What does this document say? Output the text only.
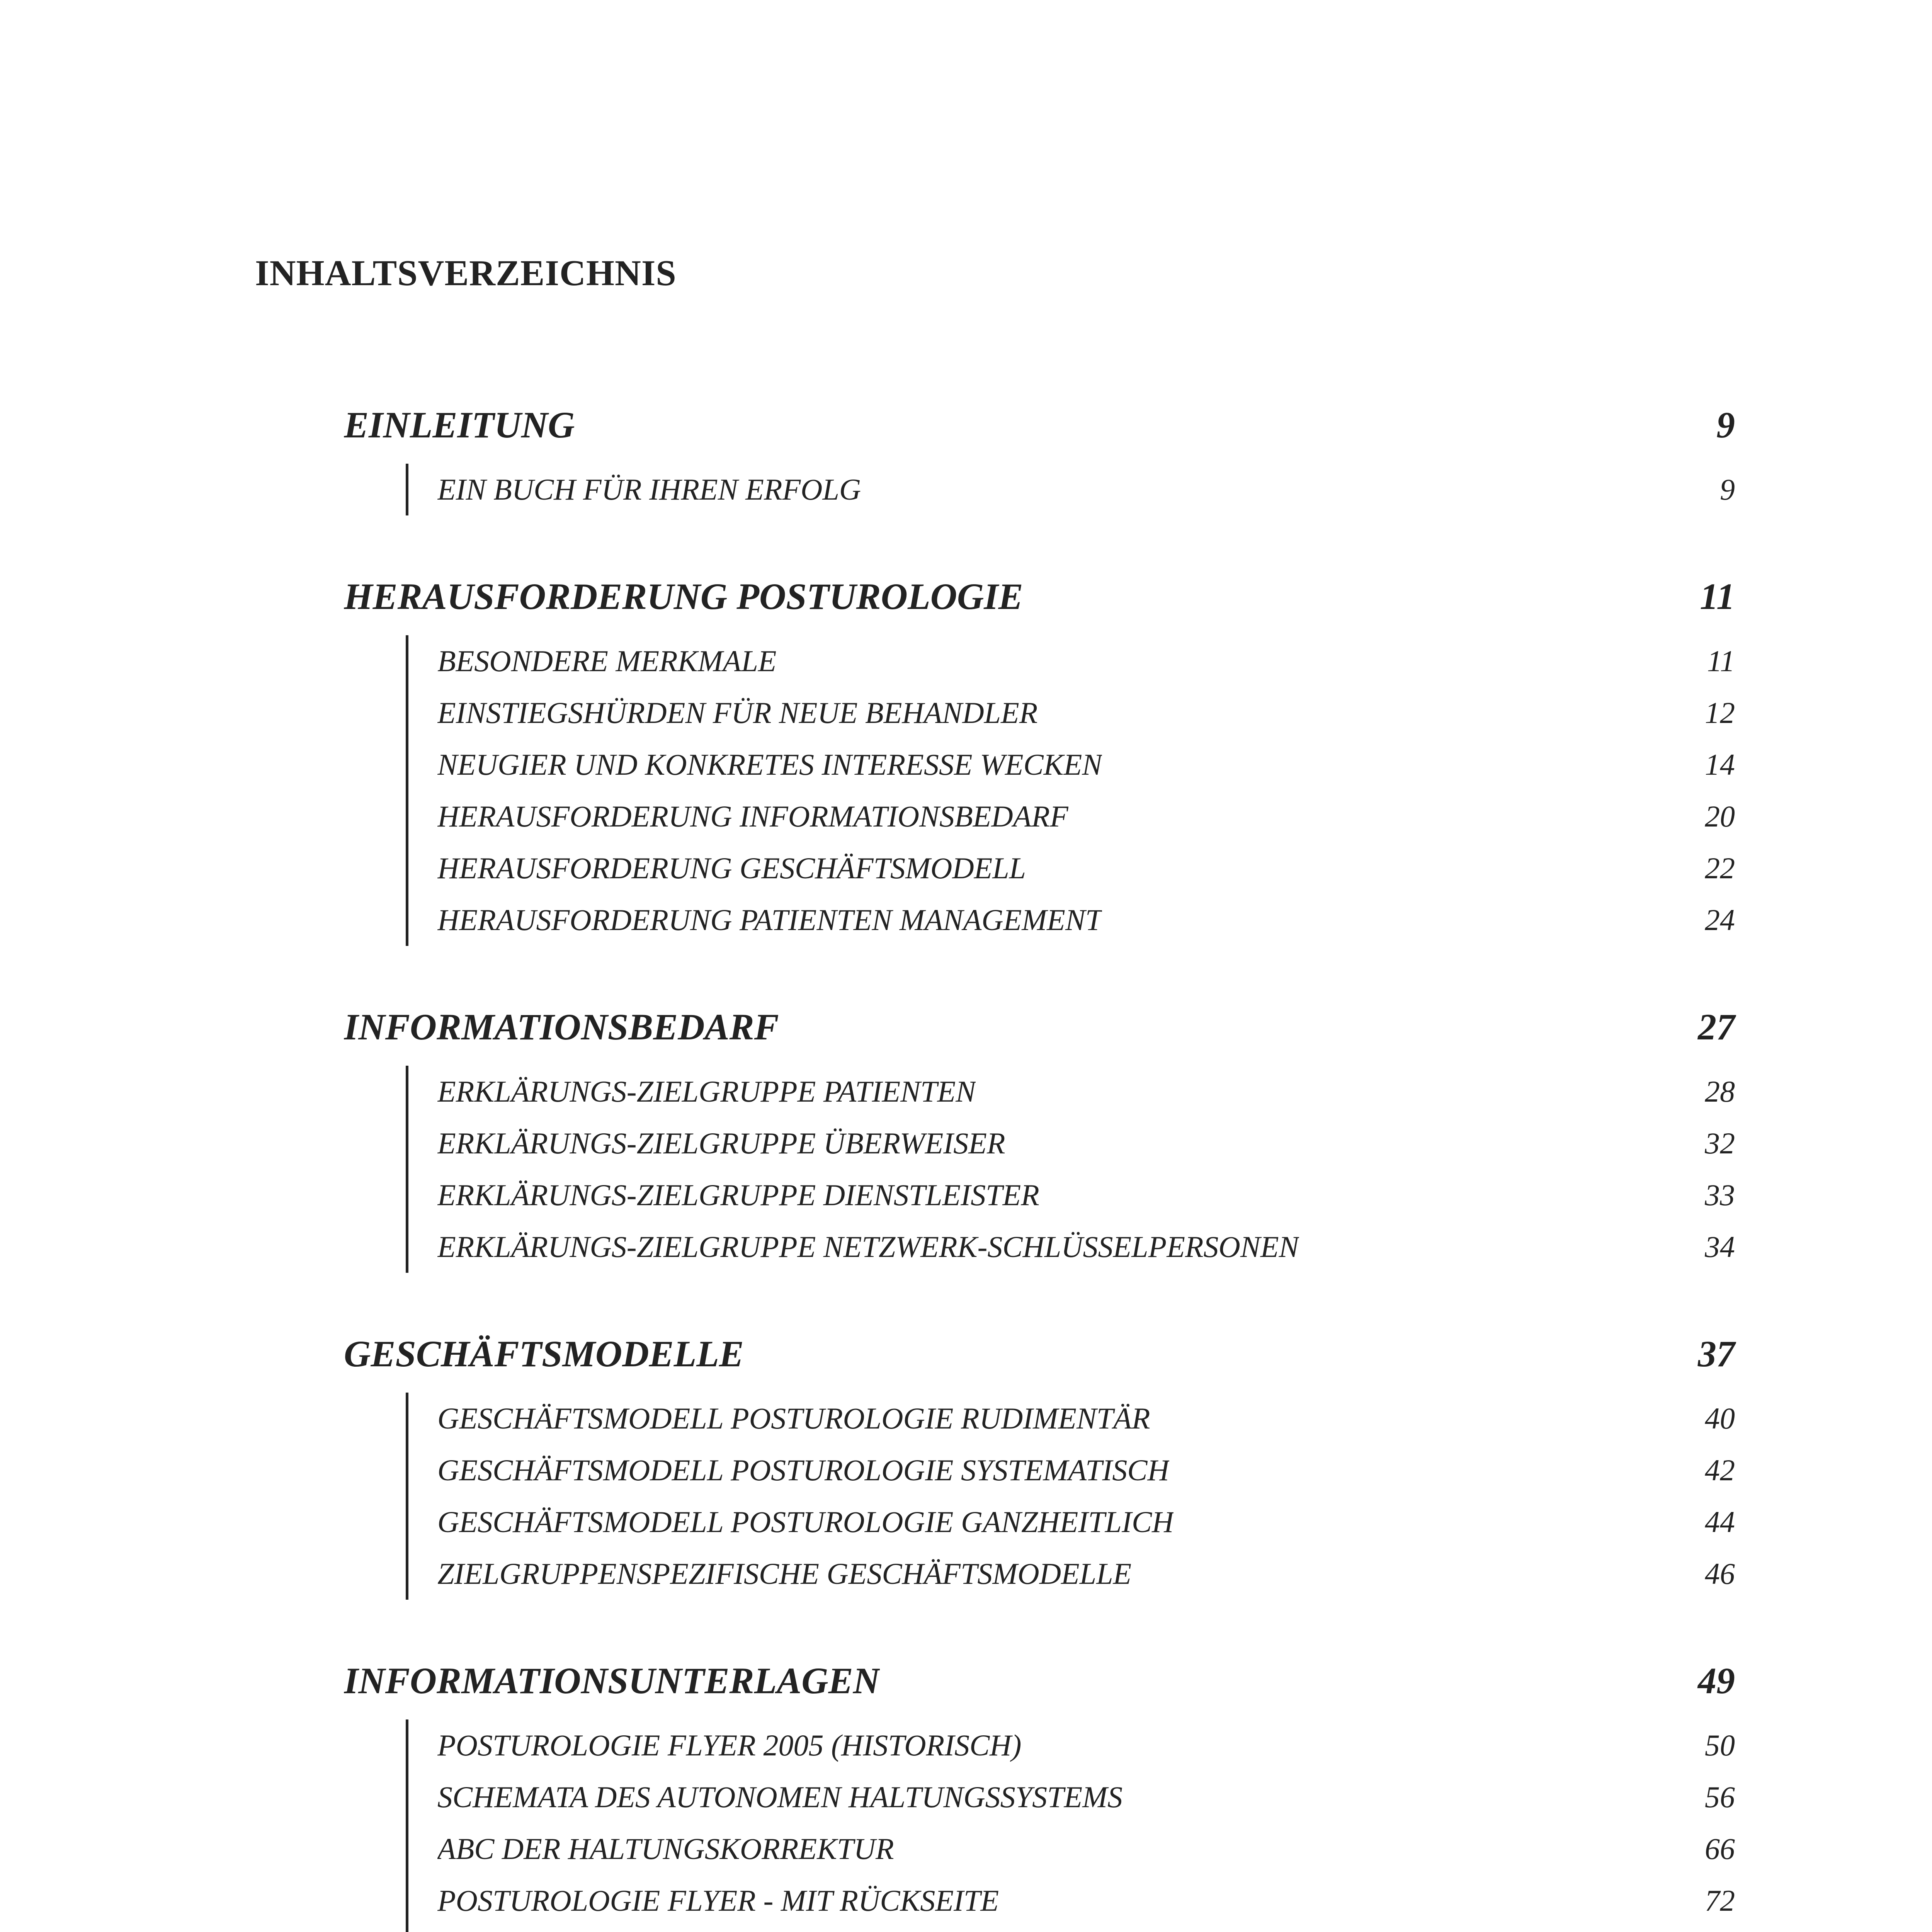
INHALTSVERZEICHNIS
EINLEITUNG	9
EIN BUCH FÜR IHREN ERFOLG	9
HERAUSFORDERUNG POSTUROLOGIE	11
BESONDERE MERKMALE	11
EINSTIEGSHÜRDEN FÜR NEUE BEHANDLER	12
NEUGIER UND KONKRETES INTERESSE WECKEN	14
HERAUSFORDERUNG INFORMATIONSBEDARF	20
HERAUSFORDERUNG GESCHÄFTSMODELL	22
HERAUSFORDERUNG PATIENTEN MANAGEMENT	24
INFORMATIONSBEDARF	27
ERKLÄRUNGS-ZIELGRUPPE PATIENTEN	28
ERKLÄRUNGS-ZIELGRUPPE ÜBERWEISER	32
ERKLÄRUNGS-ZIELGRUPPE DIENSTLEISTER	33
ERKLÄRUNGS-ZIELGRUPPE NETZWERK-SCHLÜSSELPERSONEN	34
GESCHÄFTSMODELLE	37
GESCHÄFTSMODELL POSTUROLOGIE RUDIMENTÄR	40
GESCHÄFTSMODELL POSTUROLOGIE SYSTEMATISCH	42
GESCHÄFTSMODELL POSTUROLOGIE GANZHEITLICH	44
ZIELGRUPPENSPEZIFISCHE GESCHÄFTSMODELLE	46
INFORMATIONSUNTERLAGEN	49
POSTUROLOGIE FLYER 2005 (HISTORISCH)	50
SCHEMATA DES AUTONOMEN HALTUNGSSYSTEMS	56
ABC DER HALTUNGSKORREKTUR	66
POSTUROLOGIE FLYER - MIT RÜCKSEITE	72
